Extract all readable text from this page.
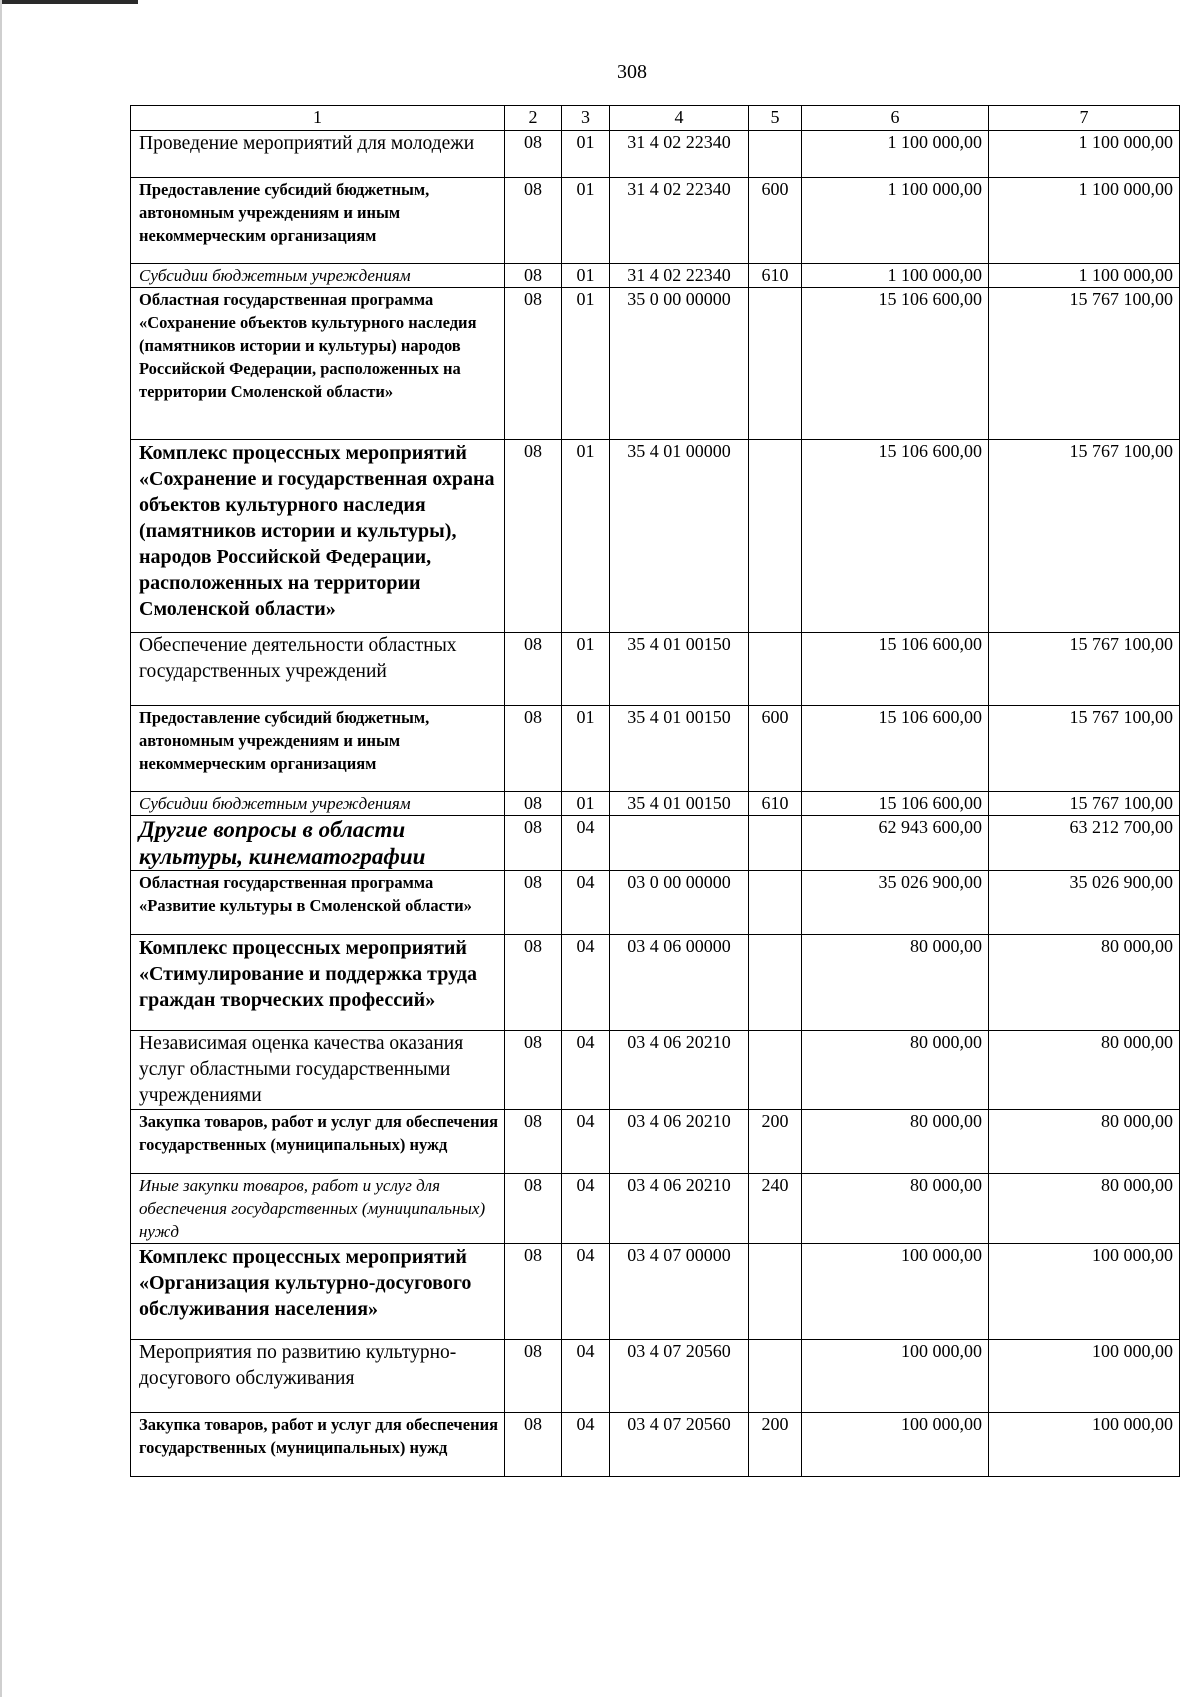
308
1	2	3	4	5	6	7
Проведение мероприятий для молодежи	08	01	31 4 02 22340		1 100 000,00	1 100 000,00
Предоставление субсидий бюджетным, автономным учреждениям и иным некоммерческим организациям	08	01	31 4 02 22340	600	1 100 000,00	1 100 000,00
Субсидии бюджетным учреждениям	08	01	31 4 02 22340	610	1 100 000,00	1 100 000,00
Областная государственная программа «Сохранение объектов культурного наследия (памятников истории и культуры) народов Российской Федерации, расположенных на территории Смоленской области»	08	01	35 0 00 00000		15 106 600,00	15 767 100,00
Комплекс процессных мероприятий «Сохранение и государственная охрана объектов культурного наследия (памятников истории и культуры), народов Российской Федерации, расположенных на территории Смоленской области»	08	01	35 4 01 00000		15 106 600,00	15 767 100,00
Обеспечение деятельности областных государственных учреждений	08	01	35 4 01 00150		15 106 600,00	15 767 100,00
Предоставление субсидий бюджетным, автономным учреждениям и иным некоммерческим организациям	08	01	35 4 01 00150	600	15 106 600,00	15 767 100,00
Субсидии бюджетным учреждениям	08	01	35 4 01 00150	610	15 106 600,00	15 767 100,00
Другие вопросы в области культуры, кинематографии	08	04			62 943 600,00	63 212 700,00
Областная государственная программа «Развитие культуры в Смоленской области»	08	04	03 0 00 00000		35 026 900,00	35 026 900,00
Комплекс процессных мероприятий «Стимулирование и поддержка труда граждан творческих профессий»	08	04	03 4 06 00000		80 000,00	80 000,00
Независимая оценка качества оказания услуг областными государственными учреждениями	08	04	03 4 06 20210		80 000,00	80 000,00
Закупка товаров, работ и услуг для обеспечения государственных (муниципальных) нужд	08	04	03 4 06 20210	200	80 000,00	80 000,00
Иные закупки товаров, работ и услуг для обеспечения государственных (муниципальных) нужд	08	04	03 4 06 20210	240	80 000,00	80 000,00
Комплекс процессных мероприятий «Организация культурно-досугового обслуживания населения»	08	04	03 4 07 00000		100 000,00	100 000,00
Мероприятия по развитию культурно-досугового обслуживания	08	04	03 4 07 20560		100 000,00	100 000,00
Закупка товаров, работ и услуг для обеспечения государственных (муниципальных) нужд	08	04	03 4 07 20560	200	100 000,00	100 000,00
